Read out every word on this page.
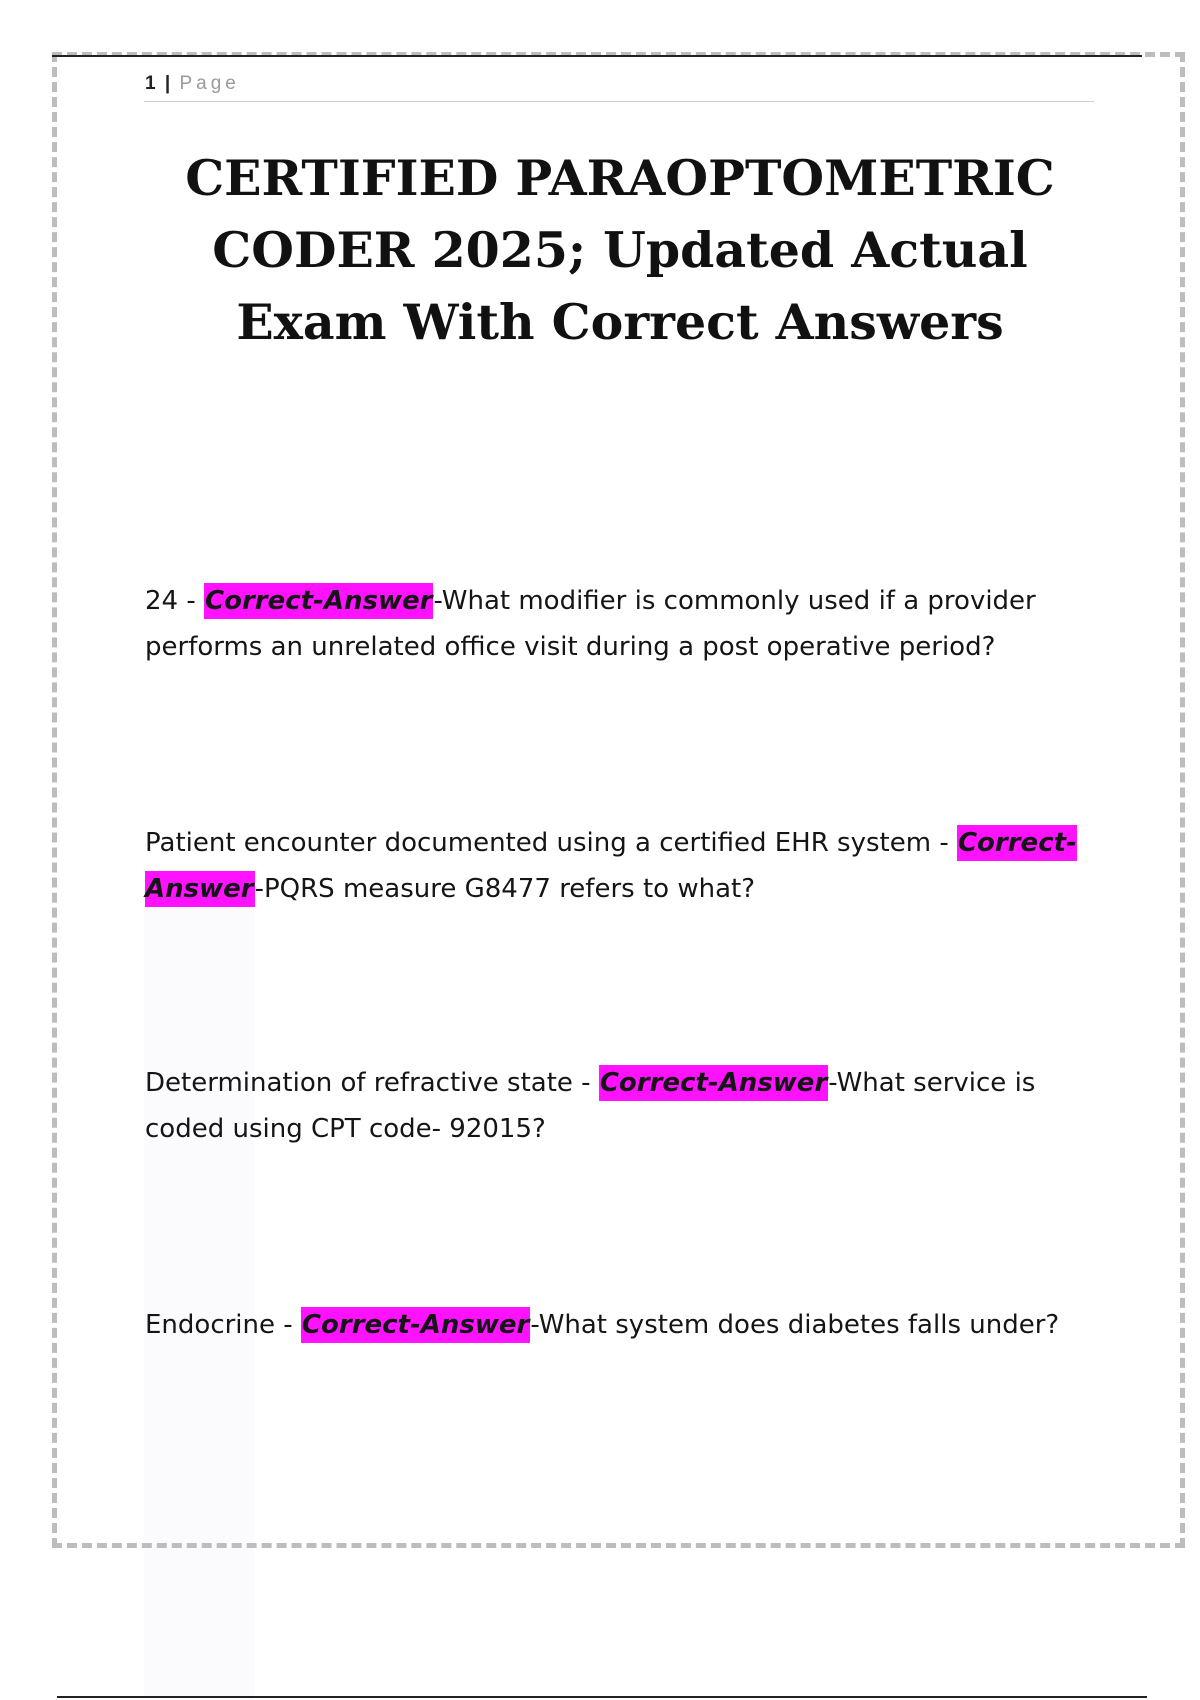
1 | Page
CERTIFIED PARAOPTOMETRIC CODER 2025; Updated Actual Exam With Correct Answers
24 - Correct-Answer-What modifier is commonly used if a provider performs an unrelated office visit during a post operative period?
Patient encounter documented using a certified EHR system - Correct-Answer-PQRS measure G8477 refers to what?
Determination of refractive state - Correct-Answer-What service is coded using CPT code- 92015?
Endocrine - Correct-Answer-What system does diabetes falls under?
